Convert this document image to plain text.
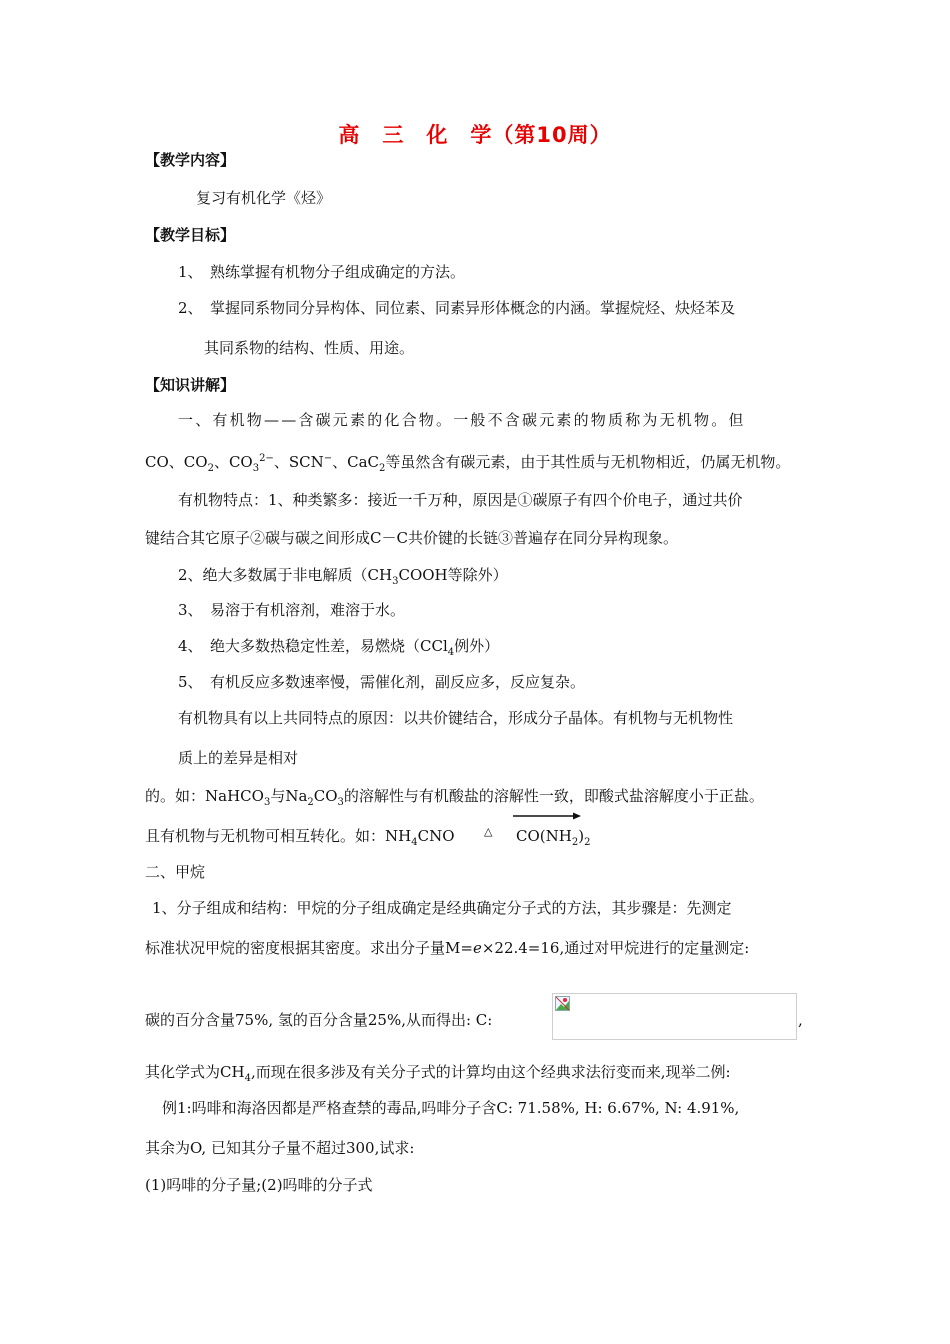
高　三　化　学（第10周）
【教学内容】
复习有机化学《烃》
【教学目标】
1、　熟练掌握有机物分子组成确定的方法。
2、　掌握同系物同分异构体、同位素、同素异形体概念的内涵。掌握烷烃、炔烃苯及
其同系物的结构、性质、用途。
【知识讲解】
一、有机物——含碳元素的化合物。一般不含碳元素的物质称为无机物。但
CO、$CO_2$、$CO_3^{2-}$、SCN−、CaC$_2$等虽然含有碳元素，由于其性质与无机物相近，仍属无机物。
有机物特点：1、种类繁多：接近一千万种，原因是①碳原子有四个价电子，通过共价
键结合其它原子②碳与碳之间形成C－C共价键的长链③普遍存在同分异构现象。
2、绝大多数属于非电解质（$CH_3COOH$等除外）
3、　易溶于有机溶剂，难溶于水。
4、　绝大多数热稳定性差，易燃烧（CCl$_4$例外）
5、　有机反应多数速率慢，需催化剂，副反应多，反应复杂。
有机物具有以上共同特点的原因：以共价键结合，形成分子晶体。有机物与无机物性
质上的差异是相对
的。如：NaHCO$_3$与$Na_2CO_3$的溶解性与有机酸盐的溶解性一致，即酸式盐溶解度小于正盐。
且有机物与无机物可相互转化。如：$NH_4CNO$	△ $CO(NH_2)_2$
二、甲烷
1、分子组成和结构：甲烷的分子组成确定是经典确定分子式的方法，其步骤是：先测定
标准状况甲烷的密度根据其密度。求出分子量M=e×22.4=16,通过对甲烷进行的定量测定:
碳的百分含量75%, 氢的百分含量25%,从而得出: C:	,
其化学式为$CH_4$,而现在很多涉及有关分子式的计算均由这个经典求法衍变而来,现举二例:
例1:吗啡和海洛因都是严格查禁的毒品,吗啡分子含C: 71.58%, H: 6.67%, N: 4.91%,
其余为O, 已知其分子量不超过300,试求:
(1)吗啡的分子量;(2)吗啡的分子式
